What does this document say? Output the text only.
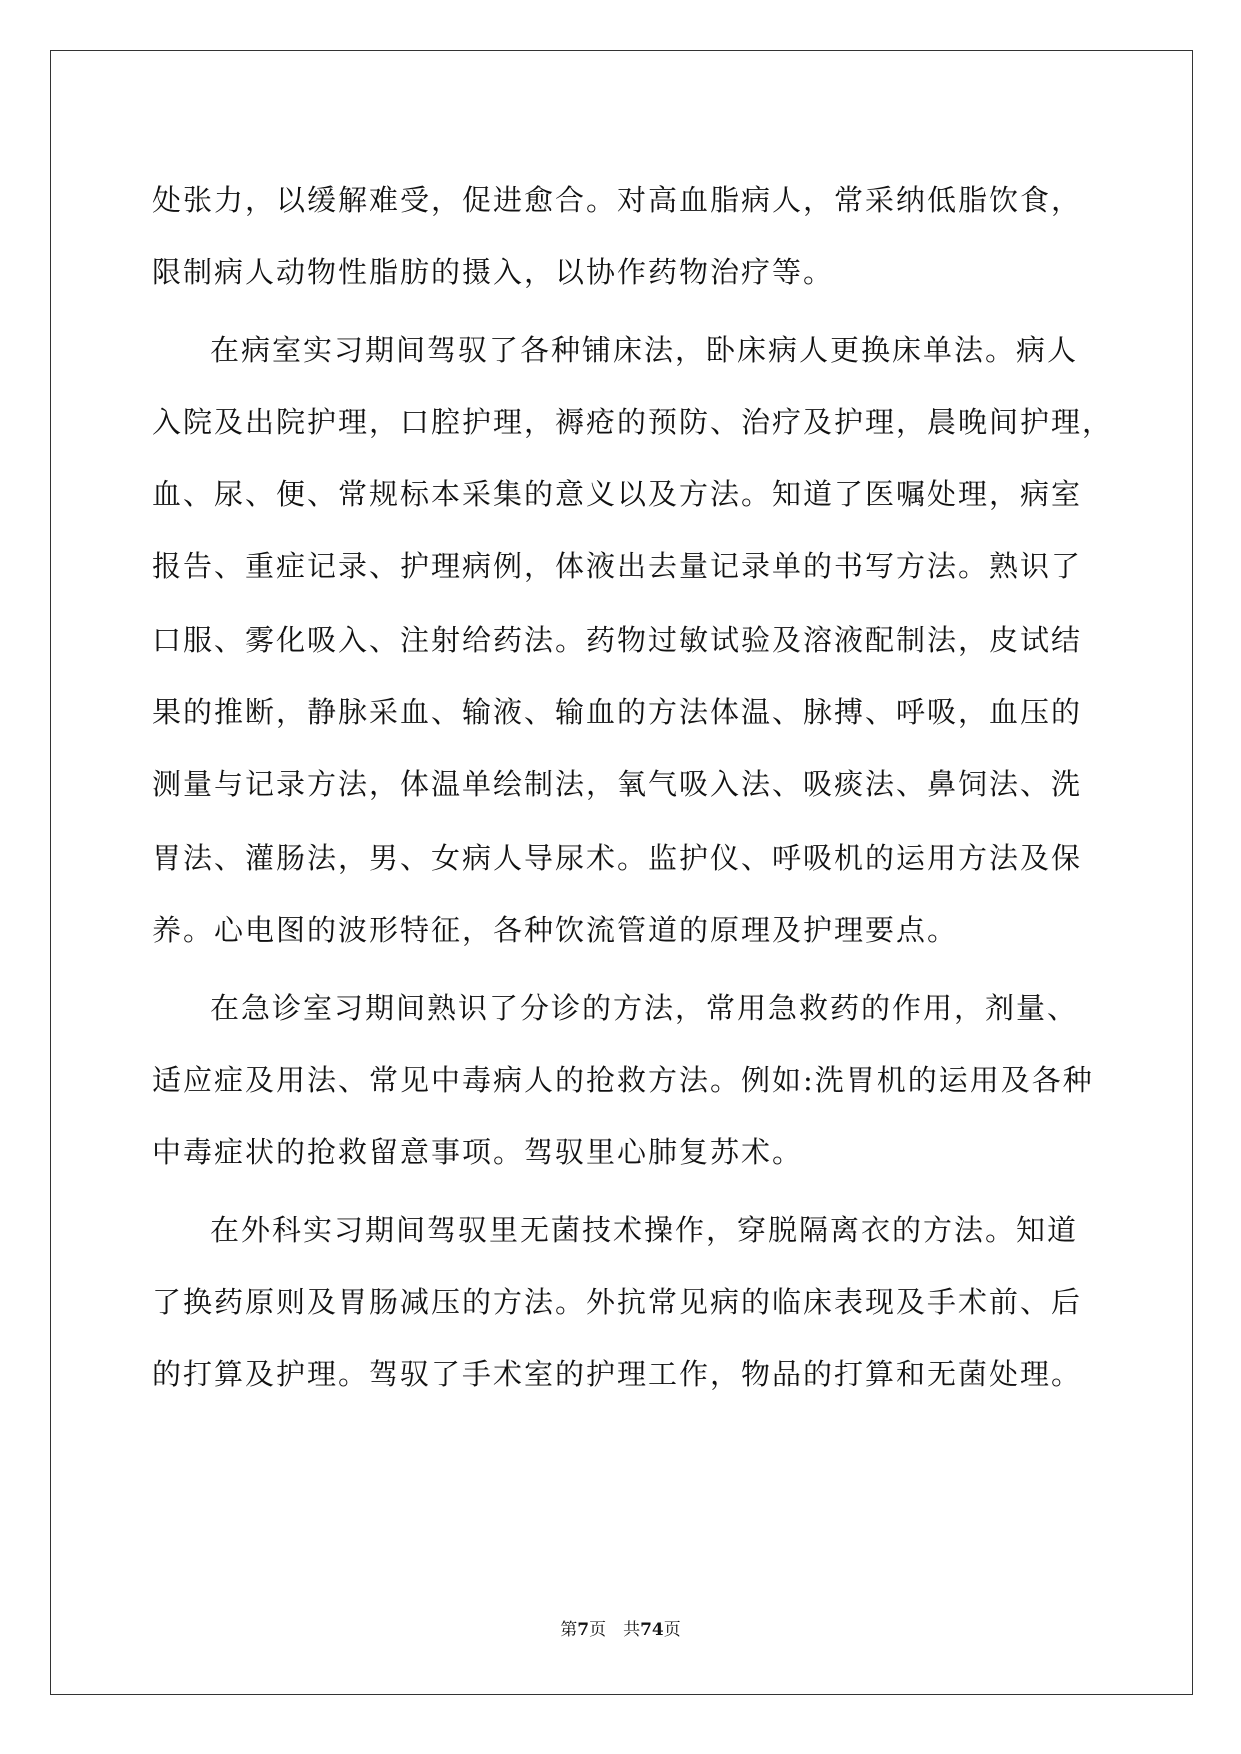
处张力，以缓解难受，促进愈合。对高血脂病人，常采纳低脂饮食，
限制病人动物性脂肪的摄入，以协作药物治疗等。
在病室实习期间驾驭了各种铺床法，卧床病人更换床单法。病人
入院及出院护理，口腔护理，褥疮的预防、治疗及护理，晨晚间护理，
血、尿、便、常规标本采集的意义以及方法。知道了医嘱处理，病室
报告、重症记录、护理病例，体液出去量记录单的书写方法。熟识了
口服、雾化吸入、注射给药法。药物过敏试验及溶液配制法，皮试结
果的推断，静脉采血、输液、输血的方法体温、脉搏、呼吸，血压的
测量与记录方法，体温单绘制法，氧气吸入法、吸痰法、鼻饲法、洗
胃法、灌肠法，男、女病人导尿术。监护仪、呼吸机的运用方法及保
养。心电图的波形特征，各种饮流管道的原理及护理要点。
在急诊室习期间熟识了分诊的方法，常用急救药的作用，剂量、
适应症及用法、常见中毒病人的抢救方法。例如:洗胃机的运用及各种
中毒症状的抢救留意事项。驾驭里心肺复苏术。
在外科实习期间驾驭里无菌技术操作，穿脱隔离衣的方法。知道
了换药原则及胃肠减压的方法。外抗常见病的临床表现及手术前、后
的打算及护理。驾驭了手术室的护理工作，物品的打算和无菌处理。
第7页　共74页
